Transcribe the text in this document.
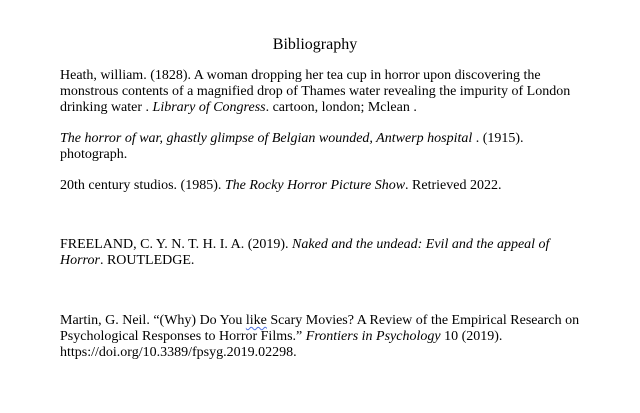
Bibliography

Heath, william. (1828). A woman dropping her tea cup in horror upon discovering the monstrous contents of a magnified drop of Thames water revealing the impurity of London drinking water . Library of Congress. cartoon, london; Mclean .

The horror of war, ghastly glimpse of Belgian wounded, Antwerp hospital . (1915). photograph.

20th century studios. (1985). The Rocky Horror Picture Show. Retrieved 2022.

FREELAND, C. Y. N. T. H. I. A. (2019). Naked and the undead: Evil and the appeal of Horror. ROUTLEDGE.

Martin, G. Neil. “(Why) Do You like Scary Movies? A Review of the Empirical Research on Psychological Responses to Horror Films.” Frontiers in Psychology 10 (2019). https://doi.org/10.3389/fpsyg.2019.02298.
